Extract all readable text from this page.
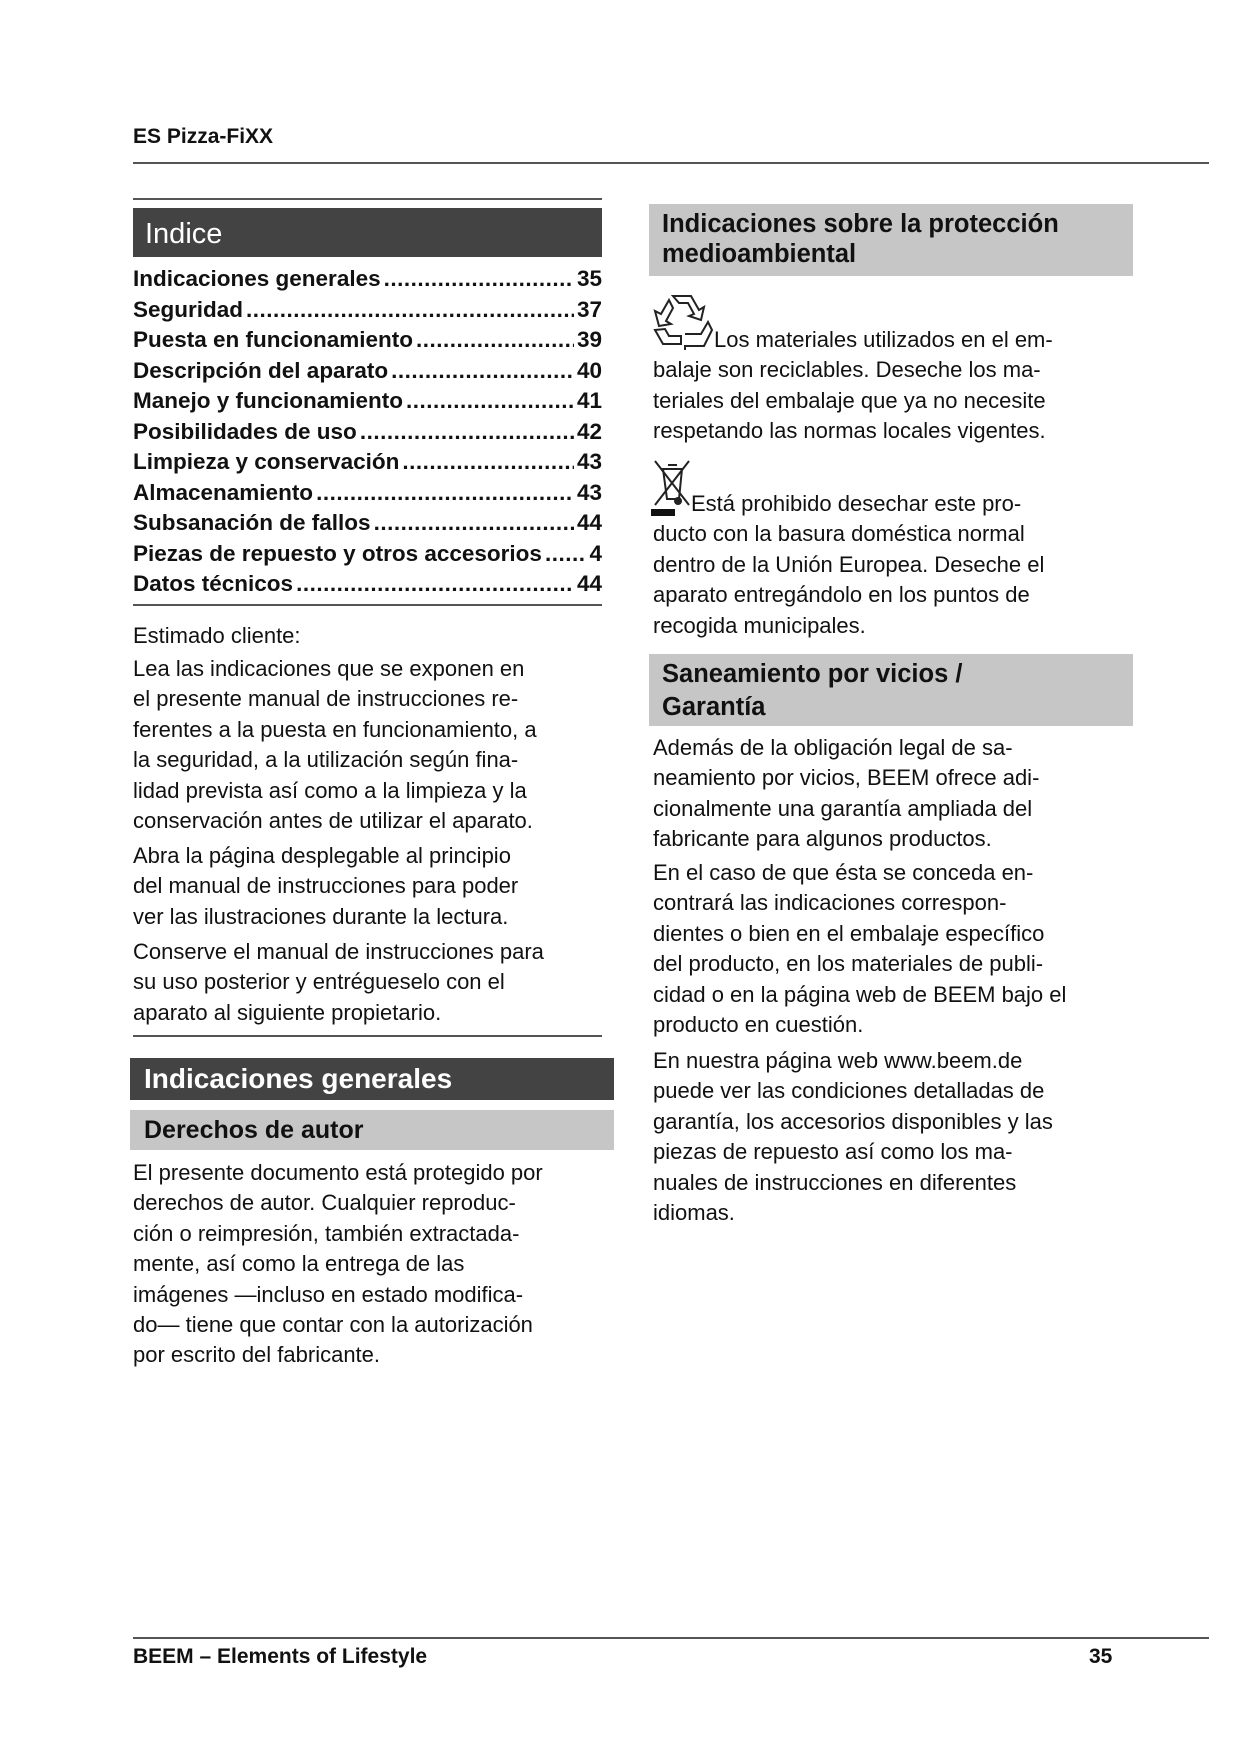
ES Pizza-FiXX
Indice
Indicaciones generales .....	35
Seguridad .....	37
Puesta en funcionamiento .....	39
Descripción del aparato .....	40
Manejo y funcionamiento .....	41
Posibilidades de uso .....	42
Limpieza y conservación .....	43
Almacenamiento .....	43
Subsanación de fallos .....	44
Piezas de repuesto y otros accesorios ..... 4
Datos técnicos .....	44
Estimado cliente:
Lea las indicaciones que se exponen en
el presente manual de instrucciones re-
ferentes a la puesta en funcionamiento, a
la seguridad, a la utilización según fina-
lidad prevista así como a la limpieza y la
conservación antes de utilizar el aparato.
Abra la página desplegable al principio
del manual de instrucciones para poder
ver las ilustraciones durante la lectura.
Conserve el manual de instrucciones para
su uso posterior y entrégueselo con el
aparato al siguiente propietario.
Indicaciones generales
Derechos de autor
El presente documento está protegido por
derechos de autor. Cualquier reproduc-
ción o reimpresión, también extractada-
mente, así como la entrega de las
imágenes —incluso en estado modifica-
do— tiene que contar con la autorización
por escrito del fabricante.
Indicaciones sobre la protección
medioambiental
Los materiales utilizados en el em-
balaje son reciclables. Deseche los ma-
teriales del embalaje que ya no necesite
respetando las normas locales vigentes.
Está prohibido desechar este pro-
ducto con la basura doméstica normal
dentro de la Unión Europea. Deseche el
aparato entregándolo en los puntos de
recogida municipales.
Saneamiento por vicios /
Garantía
Además de la obligación legal de sa-
neamiento por vicios, BEEM ofrece adi-
cionalmente una garantía ampliada del
fabricante para algunos productos.
En el caso de que ésta se conceda en-
contrará las indicaciones correspon-
dientes o bien en el embalaje específico
del producto, en los materiales de publi-
cidad o en la página web de BEEM bajo el
producto en cuestión.
En nuestra página web www.beem.de
puede ver las condiciones detalladas de
garantía, los accesorios disponibles y las
piezas de repuesto así como los ma-
nuales de instrucciones en diferentes
idiomas.
BEEM – Elements of Lifestyle	35
